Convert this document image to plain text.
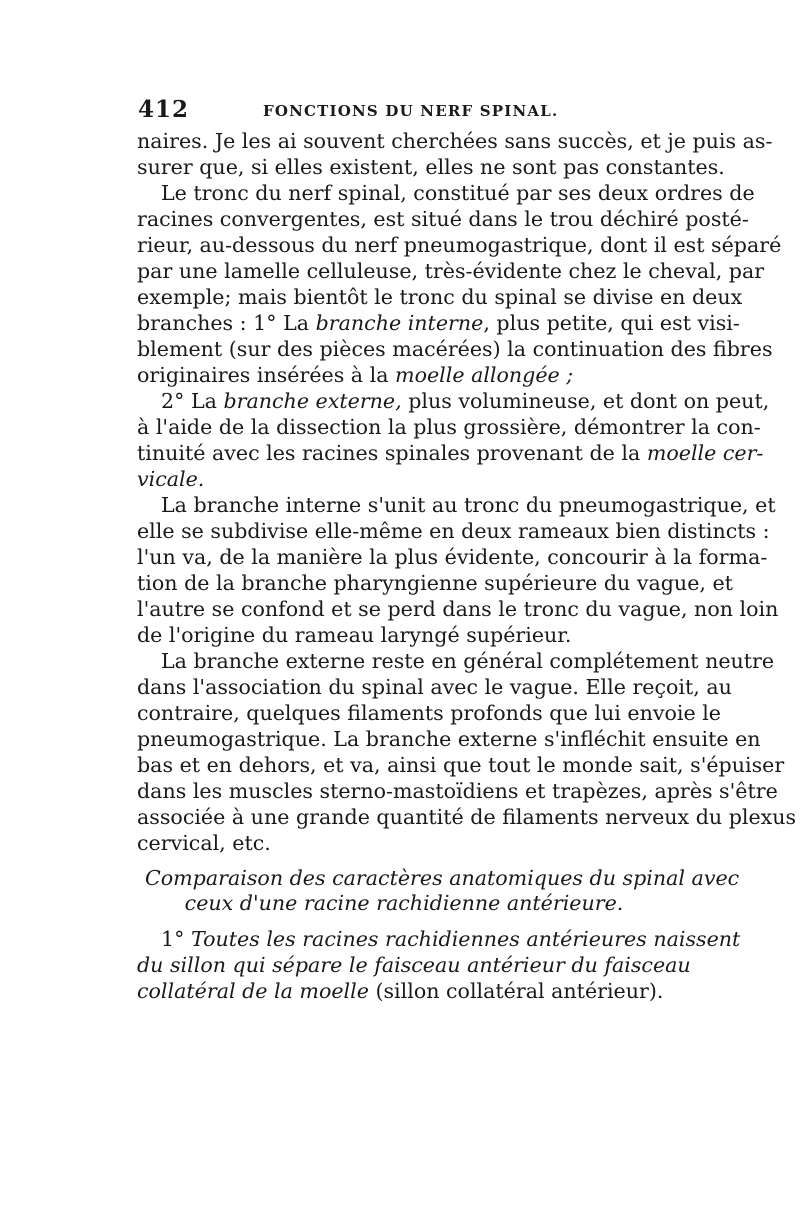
412	FONCTIONS DU NERF SPINAL.
naires. Je les ai souvent cherchées sans succès, et je puis as-
surer que, si elles existent, elles ne sont pas constantes.
Le tronc du nerf spinal, constitué par ses deux ordres de
racines convergentes, est situé dans le trou déchiré posté-
rieur, au-dessous du nerf pneumogastrique, dont il est séparé
par une lamelle celluleuse, très-évidente chez le cheval, par
exemple; mais bientôt le tronc du spinal se divise en deux
branches : 1° La branche interne, plus petite, qui est visi-
blement (sur des pièces macérées) la continuation des fibres
originaires insérées à la moelle allongée ;
2° La branche externe, plus volumineuse, et dont on peut,
à l'aide de la dissection la plus grossière, démontrer la con-
tinuité avec les racines spinales provenant de la moelle cer-
vicale.
La branche interne s'unit au tronc du pneumogastrique, et
elle se subdivise elle-même en deux rameaux bien distincts :
l'un va, de la manière la plus évidente, concourir à la forma-
tion de la branche pharyngienne supérieure du vague, et
l'autre se confond et se perd dans le tronc du vague, non loin
de l'origine du rameau laryngé supérieur.
La branche externe reste en général complétement neutre
dans l'association du spinal avec le vague. Elle reçoit, au
contraire, quelques filaments profonds que lui envoie le
pneumogastrique. La branche externe s'infléchit ensuite en
bas et en dehors, et va, ainsi que tout le monde sait, s'épuiser
dans les muscles sterno-mastoïdiens et trapèzes, après s'être
associée à une grande quantité de filaments nerveux du plexus
cervical, etc.
Comparaison des caractères anatomiques du spinal avec
ceux d'une racine rachidienne antérieure.
1° Toutes les racines rachidiennes antérieures naissent
du sillon qui sépare le faisceau antérieur du faisceau
collatéral de la moelle (sillon collatéral antérieur).
